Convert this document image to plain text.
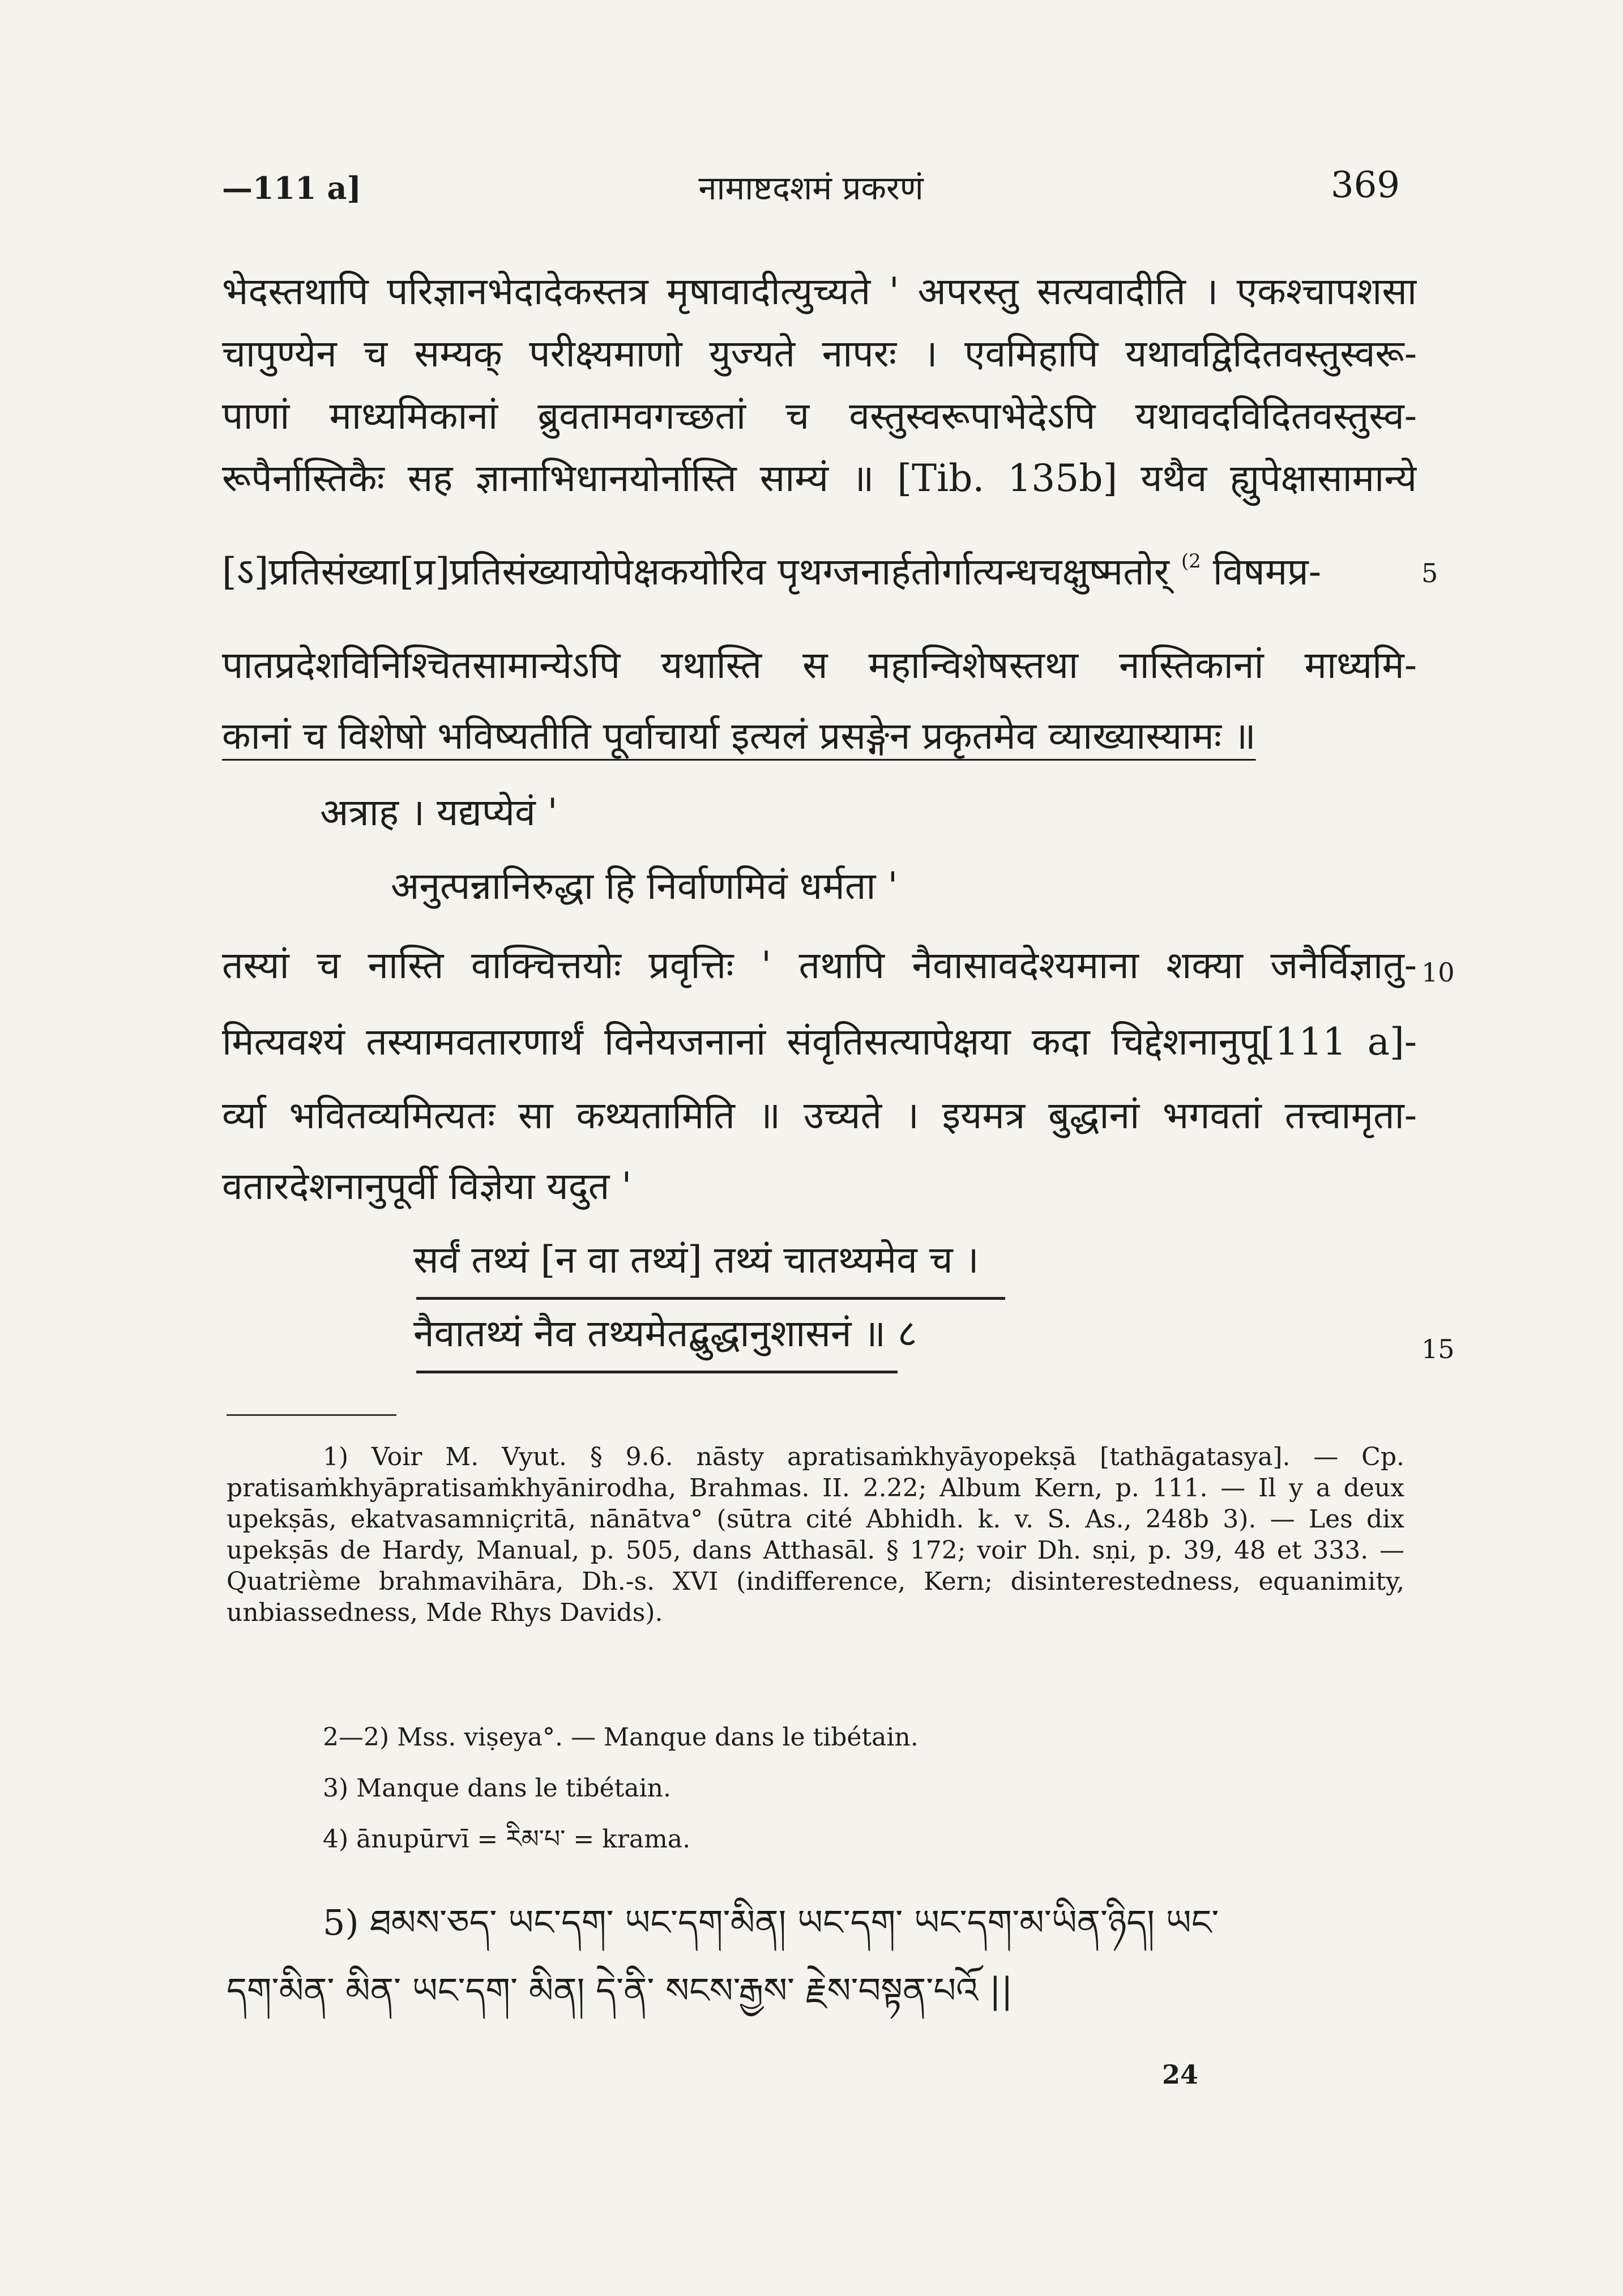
—111 a]	नामाष्टदशमं प्रकरणं	369
भेदस्तथापि परिज्ञानभेदादेकस्तत्र मृषावादीत्युच्यते ' अपरस्तु सत्यवादीति । एकश्चापशसा
चापुण्येन च सम्यक् परीक्ष्यमाणो युज्यते नापरः । एवमिहापि यथावद्विदितवस्तुस्वरू-
पाणां माध्यमिकानां ब्रुवतामवगच्छतां च वस्तुस्वरूपाभेदेऽपि यथावदविदितवस्तुस्व-
रूपैर्नास्तिकैः सह ज्ञानाभिधानयोर्नास्ति साम्यं ॥ [Tib. 135b] यथैव ह्युपेक्षासामान्ये
[ऽ]प्रतिसंख्या[प्र]प्रतिसंख्यायोपेक्षकयोरिव पृथग्जनार्हतोर्गात्यन्धचक्षुष्मतोर् $^{(2}$ विषमप्र-	5
पातप्रदेशविनिश्चितसामान्येऽपि यथास्ति स महान्विशेषस्तथा नास्तिकानां माध्यमि-
कानां च विशेषो भविष्यतीति पूर्वाचार्या इत्यलं प्रसङ्गेन प्रकृतमेव व्याख्यास्यामः ॥
अत्राह । यद्यप्येवं '
अनुत्पन्नानिरुद्धा हि निर्वाणमिवं धर्मता '
तस्यां च नास्ति वाक्चित्तयोः प्रवृत्तिः ' तथापि नैवासावदेश्यमाना शक्या जनैर्विज्ञातु- 10
मित्यवश्यं तस्यामवतारणार्थं विनेयजनानां संवृतिसत्यापेक्षया कदा चिद्देशनानुपू[111 a]-
र्व्या भवितव्यमित्यतः सा कथ्यतामिति ॥ उच्यते । इयमत्र बुद्धानां भगवतां तत्त्वामृता-
वतारदेशनानुपूर्वी विज्ञेया यदुत '
सर्वं तथ्यं [न वा तथ्यं] तथ्यं चातथ्यमेव च ।
नैवातथ्यं नैव तथ्यमेतद्बुद्धानुशासनं ॥ ८	15

1) Voir M. Vyut. § 9.6. nāsty apratisaṁkhyāyopekṣā [tathāgatasya]. — Cp. pratisaṁkhyāpratisaṁkhyānirodha, Brahmas. II. 2.22; Album Kern, p. 111. — Il y a deux upekṣās, ekatvasamniçritā, nānātva° (sūtra cité Abhidh. k. v. S. As., 248b 3). — Les dix upekṣās de Hardy, Manual, p. 505, dans Atthasāl. § 172; voir Dh. sṇi, p. 39, 48 et 333. — Quatrième brahmavihāra, Dh.-s. XVI (indifference, Kern; disinterestedness, equanimity, unbiassedness, Mde Rhys Davids).

2—2) Mss. viṣeya°. — Manque dans le tibétain.

3) Manque dans le tibétain.

4) ānupūrvī = རིམ་པ་ = krama.

5) ཐམས་ཅད་ ཡང་དག་ ཡང་དག་མིན། ཡང་དག་ ཡང་དག་མ་ཡིན་ཉིད། ཡང་
དག་མིན་ མིན་ ཡང་དག་ མིན། དེ་ནི་ སངས་རྒྱས་ རྗེས་བསྟན་པའོ ||
24
